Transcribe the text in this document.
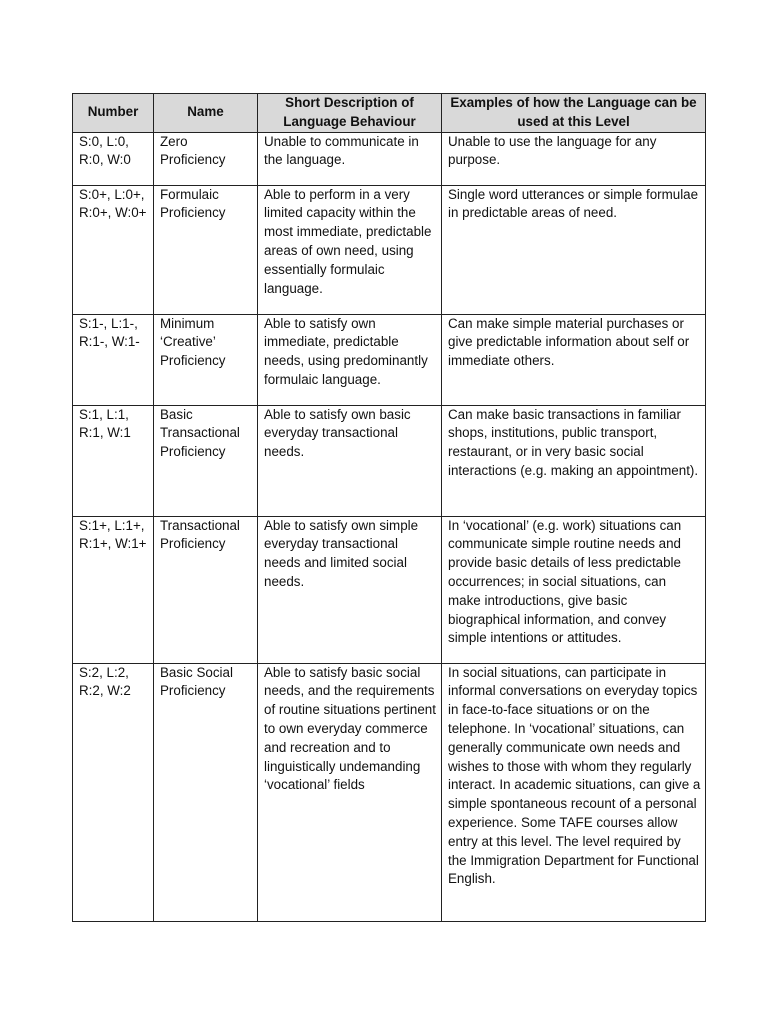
Number	Name	Short Description of Language Behaviour	Examples of how the Language can be used at this Level
S:0, L:0, R:0, W:0	Zero Proficiency	Unable to communicate in the language.	Unable to use the language for any purpose.
S:0+, L:0+, R:0+, W:0+	Formulaic Proficiency	Able to perform in a very limited capacity within the most immediate, predictable areas of own need, using essentially formulaic language.	Single word utterances or simple formulae in predictable areas of need.
S:1-, L:1-, R:1-, W:1-	Minimum ‘Creative’ Proficiency	Able to satisfy own immediate, predictable needs, using predominantly formulaic language.	Can make simple material purchases or give predictable information about self or immediate others.
S:1, L:1, R:1, W:1	Basic Transactional Proficiency	Able to satisfy own basic everyday transactional needs.	Can make basic transactions in familiar shops, institutions, public transport, restaurant, or in very basic social interactions (e.g. making an appointment).
S:1+, L:1+, R:1+, W:1+	Transactional Proficiency	Able to satisfy own simple everyday transactional needs and limited social needs.	In ‘vocational’ (e.g. work) situations can communicate simple routine needs and provide basic details of less predictable occurrences; in social situations, can make introductions, give basic biographical information, and convey simple intentions or attitudes.
S:2, L:2, R:2, W:2	Basic Social Proficiency	Able to satisfy basic social needs, and the requirements of routine situations pertinent to own everyday commerce and recreation and to linguistically undemanding ‘vocational’ fields	In social situations, can participate in informal conversations on everyday topics in face-to-face situations or on the telephone. In ‘vocational’ situations, can generally communicate own needs and wishes to those with whom they regularly interact. In academic situations, can give a simple spontaneous recount of a personal experience. Some TAFE courses allow entry at this level. The level required by the Immigration Department for Functional English.
